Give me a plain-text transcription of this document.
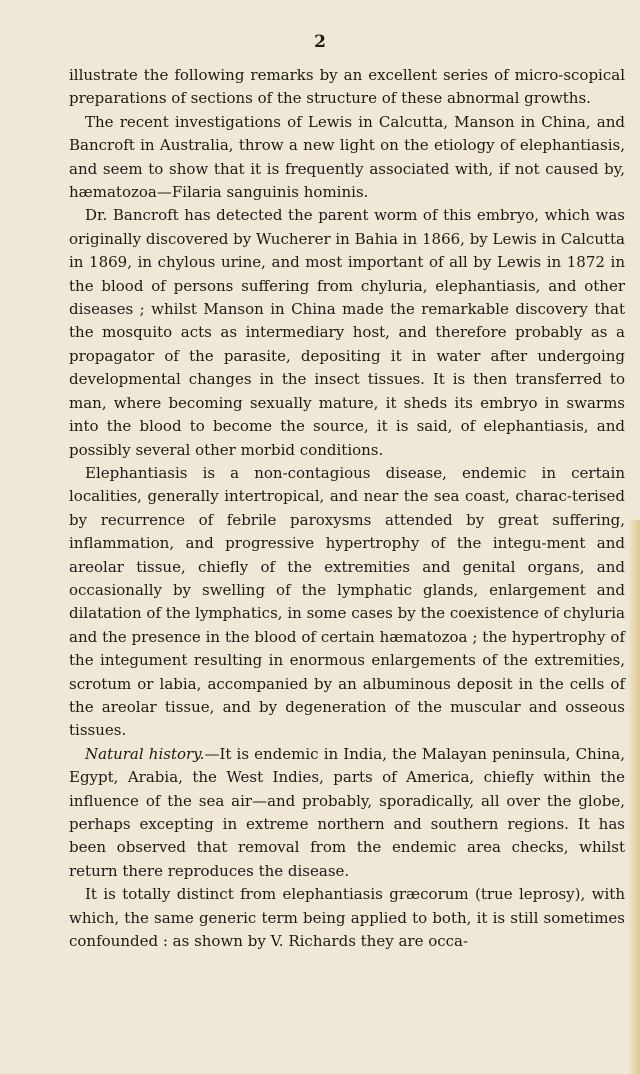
2

illustrate the following remarks by an excellent series of micro-scopical preparations of sections of the structure of these abnormal growths.

The recent investigations of Lewis in Calcutta, Manson in China, and Bancroft in Australia, throw a new light on the etiology of elephantiasis, and seem to show that it is frequently associated with, if not caused by, hæmatozoa—Filaria sanguinis hominis.

Dr. Bancroft has detected the parent worm of this embryo, which was originally discovered by Wucherer in Bahia in 1866, by Lewis in Calcutta in 1869, in chylous urine, and most important of all by Lewis in 1872 in the blood of persons suffering from chyluria, elephantiasis, and other diseases ; whilst Manson in China made the remarkable discovery that the mosquito acts as intermediary host, and therefore probably as a propagator of the parasite, depositing it in water after undergoing developmental changes in the insect tissues. It is then transferred to man, where becoming sexually mature, it sheds its embryo in swarms into the blood to become the source, it is said, of elephantiasis, and possibly several other morbid conditions.

Elephantiasis is a non-contagious disease, endemic in certain localities, generally intertropical, and near the sea coast, charac-terised by recurrence of febrile paroxysms attended by great suffering, inflammation, and progressive hypertrophy of the integu-ment and areolar tissue, chiefly of the extremities and genital organs, and occasionally by swelling of the lymphatic glands, enlargement and dilatation of the lymphatics, in some cases by the coexistence of chyluria and the presence in the blood of certain hæmatozoa ; the hypertrophy of the integument resulting in enormous enlargements of the extremities, scrotum or labia, accompanied by an albuminous deposit in the cells of the areolar tissue, and by degeneration of the muscular and osseous tissues.

Natural history.—It is endemic in India, the Malayan peninsula, China, Egypt, Arabia, the West Indies, parts of America, chiefly within the influence of the sea air—and probably, sporadically, all over the globe, perhaps excepting in extreme northern and southern regions. It has been observed that removal from the endemic area checks, whilst return there reproduces the disease.

It is totally distinct from elephantiasis græcorum (true leprosy), with which, the same generic term being applied to both, it is still sometimes confounded : as shown by V. Richards they are occa-
